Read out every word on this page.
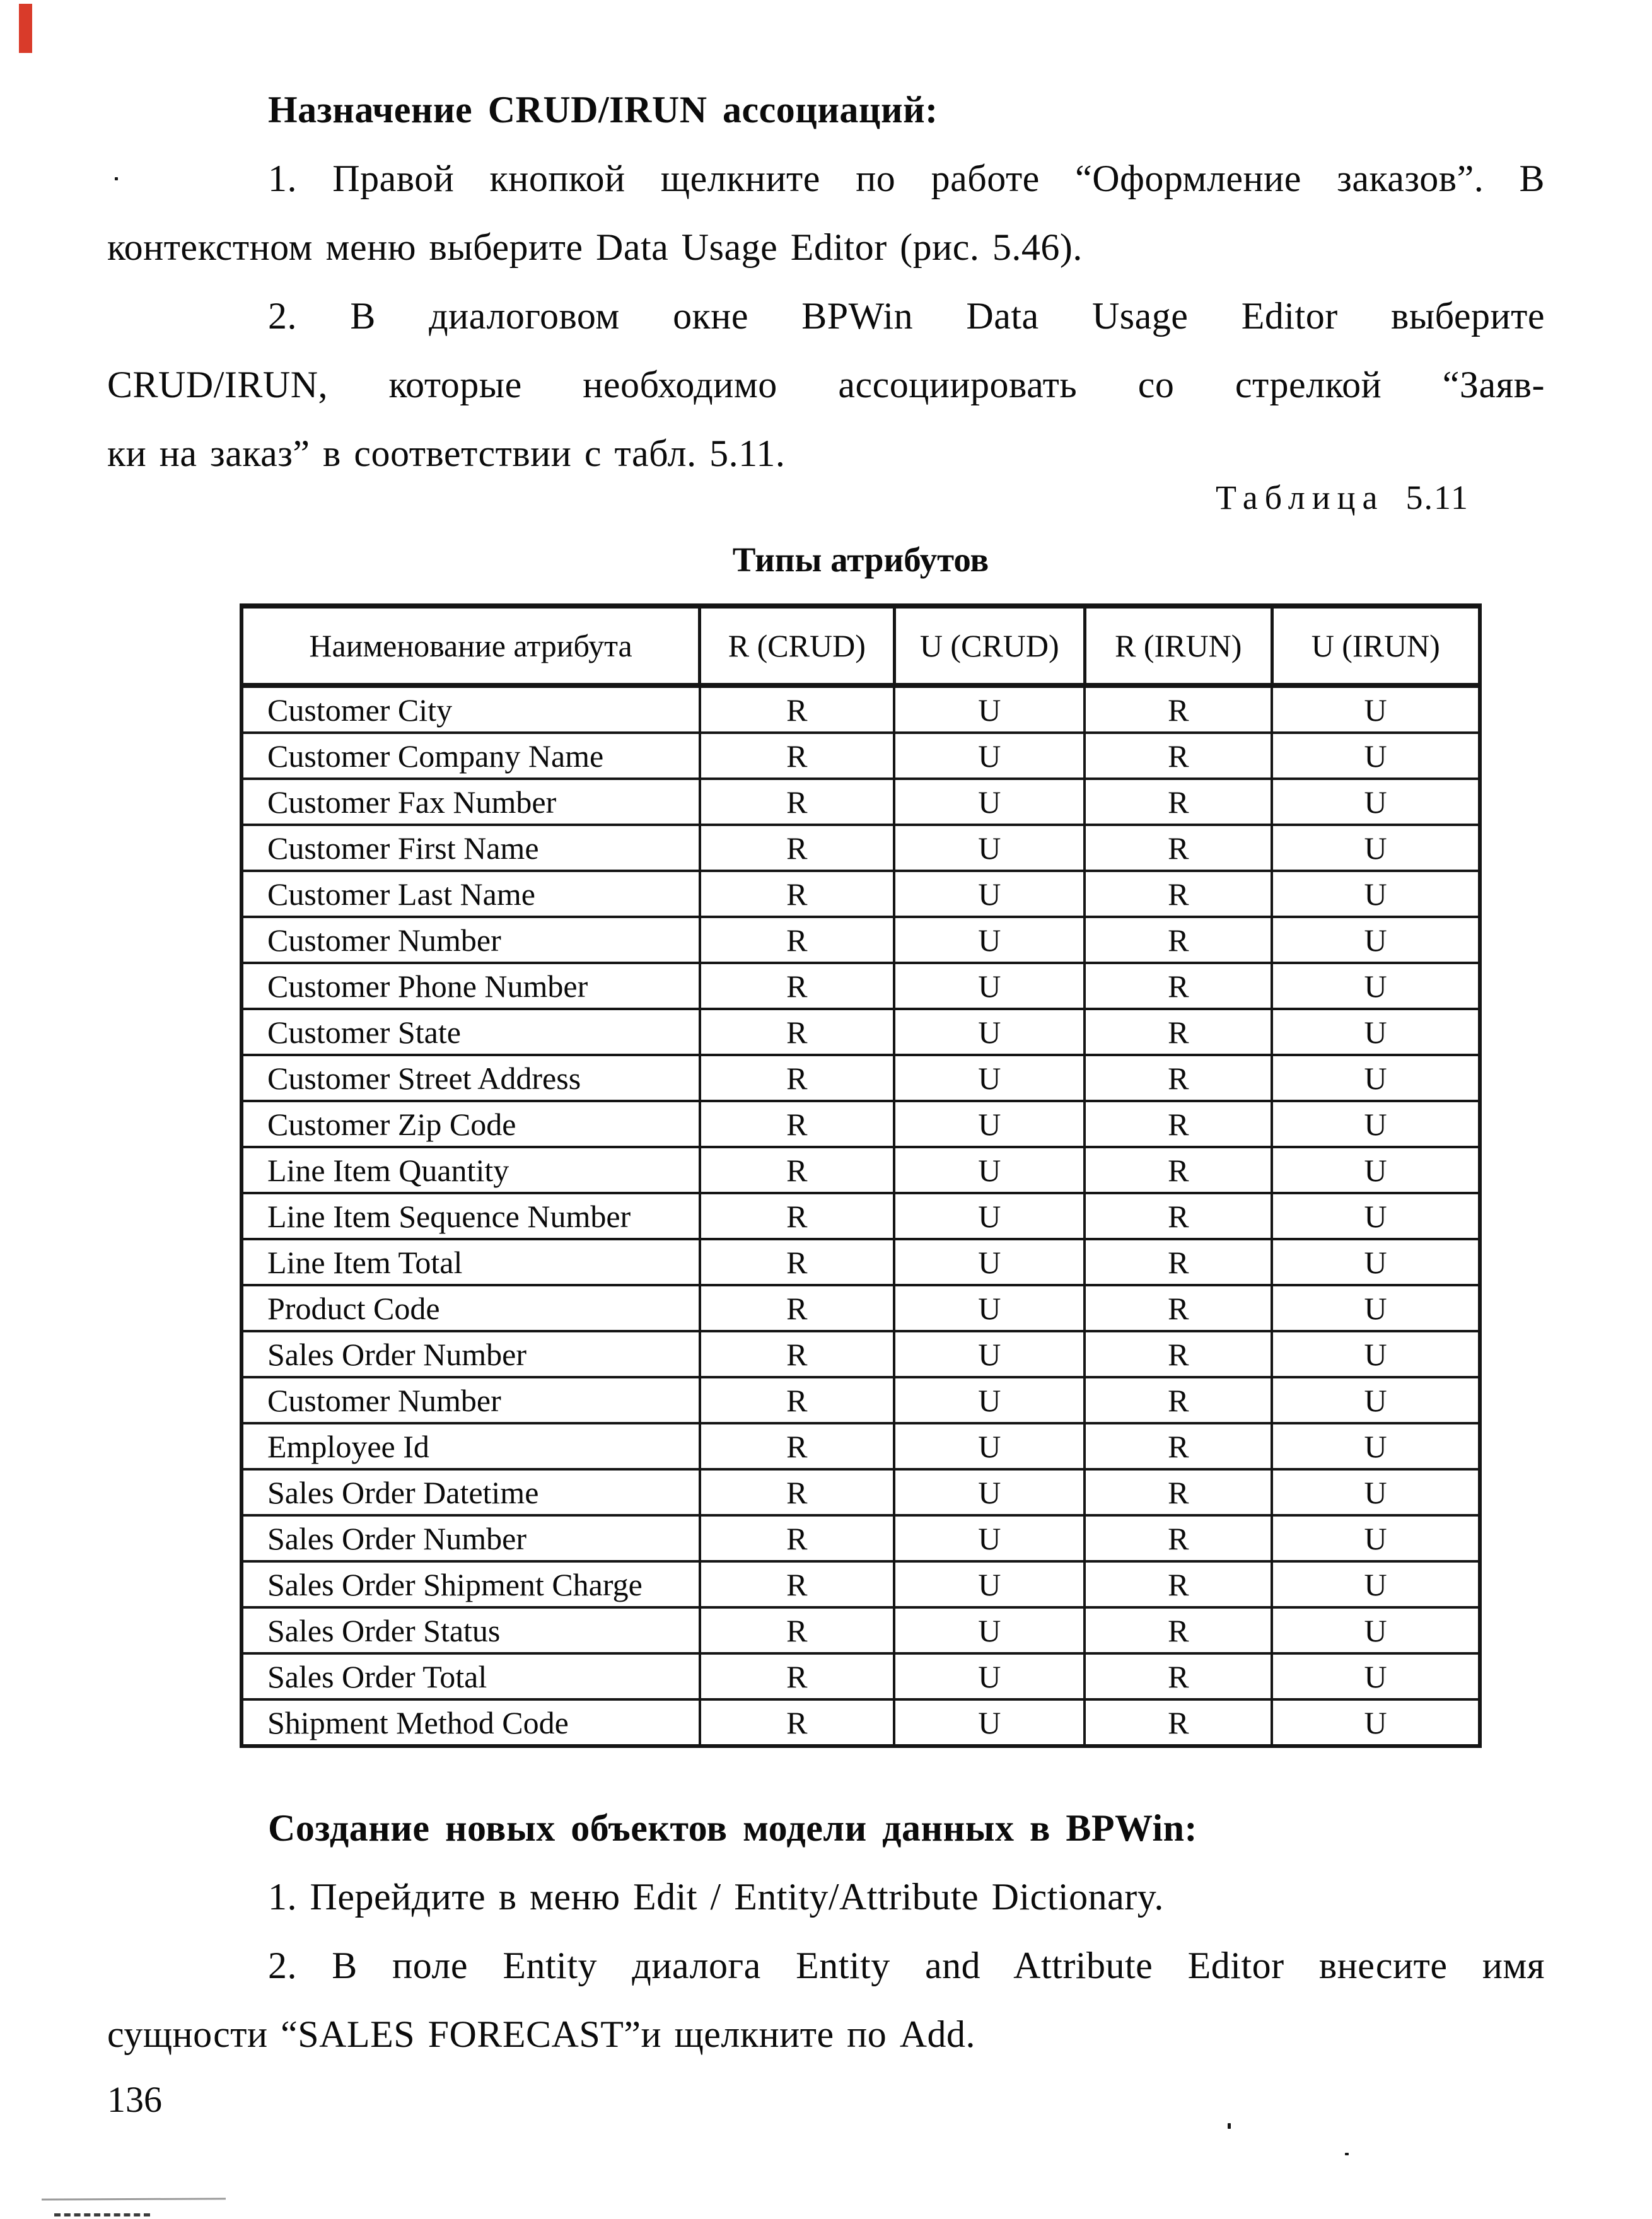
Назначение CRUD/IRUN ассоциаций:
1. Правой кнопкой щелкните по работе “Оформление заказов”. В
контекстном меню выберите Data Usage Editor (рис. 5.46).
2. В диалоговом окне BPWin Data Usage Editor выберите
CRUD/IRUN, которые необходимо ассоциировать со стрелкой “Заяв-
ки на заказ” в соответствии с табл. 5.11.
Таблица 5.11
Типы атрибутов
Наименование атрибута	R (CRUD)	U (CRUD)	R (IRUN)	U (IRUN)
Customer City	R	U	R	U
Customer Company Name	R	U	R	U
Customer Fax Number	R	U	R	U
Customer First Name	R	U	R	U
Customer Last Name	R	U	R	U
Customer Number	R	U	R	U
Customer Phone Number	R	U	R	U
Customer State	R	U	R	U
Customer Street Address	R	U	R	U
Customer Zip Code	R	U	R	U
Line Item Quantity	R	U	R	U
Line Item Sequence Number	R	U	R	U
Line Item Total	R	U	R	U
Product Code	R	U	R	U
Sales Order Number	R	U	R	U
Customer Number	R	U	R	U
Employee Id	R	U	R	U
Sales Order Datetime	R	U	R	U
Sales Order Number	R	U	R	U
Sales Order Shipment Charge	R	U	R	U
Sales Order Status	R	U	R	U
Sales Order Total	R	U	R	U
Shipment Method Code	R	U	R	U
Создание новых объектов модели данных в BPWin:
1. Перейдите в меню Edit / Entity/Attribute Dictionary.
2. В поле Entity диалога Entity and Attribute Editor внесите имя
сущности “SALES FORECAST”и щелкните по Add.
136
